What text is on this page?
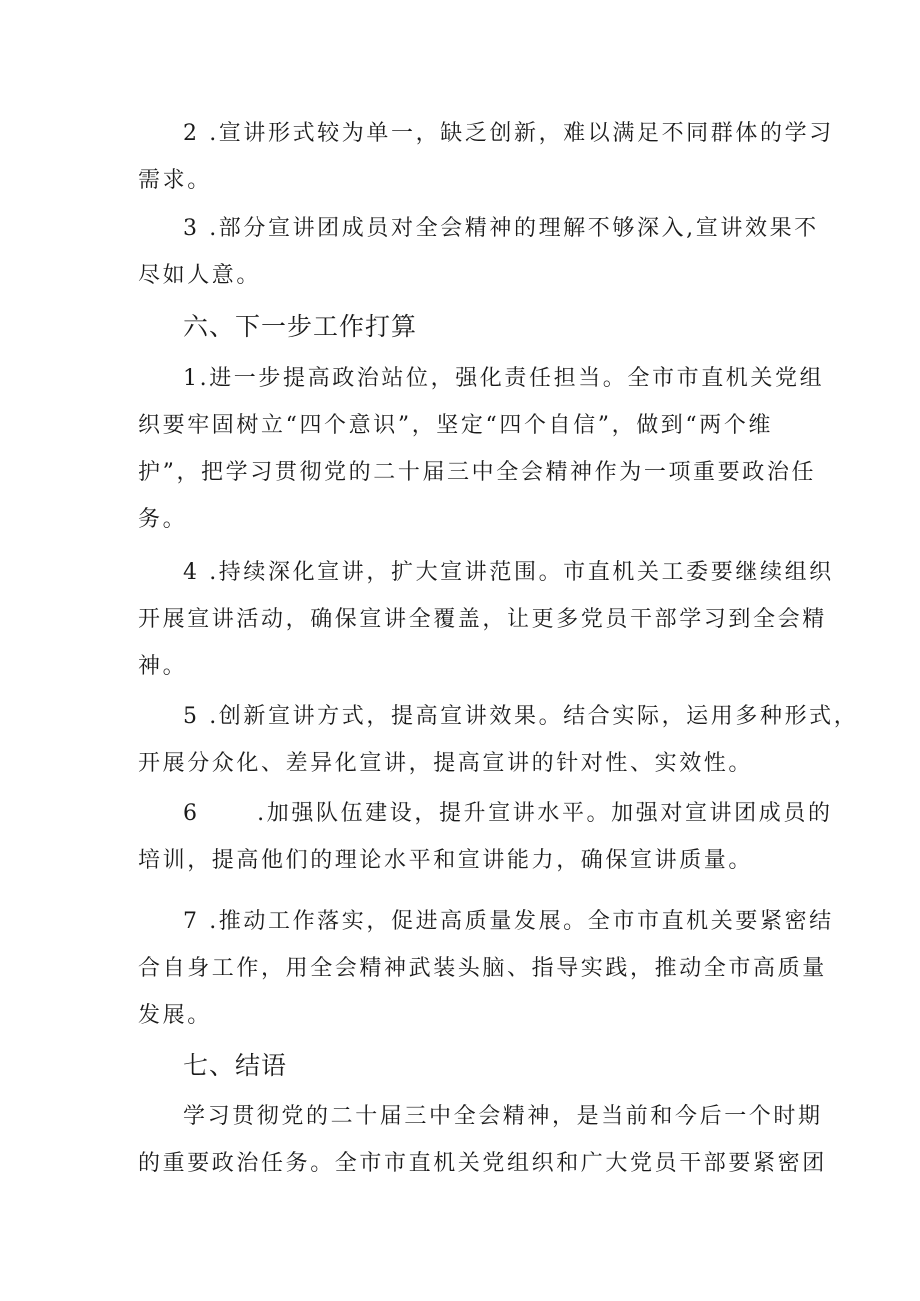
2 .宣讲形式较为单一，缺乏创新，难以满足不同群体的学习
需求。
3 .部分宣讲团成员对全会精神的理解不够深入,宣讲效果不
尽如人意。
六、下一步工作打算
1.进一步提高政治站位，强化责任担当。全市市直机关党组
织要牢固树立“四个意识”，坚定“四个自信”，做到“两个维
护”，把学习贯彻党的二十届三中全会精神作为一项重要政治任
务。
4 .持续深化宣讲，扩大宣讲范围。市直机关工委要继续组织
开展宣讲活动，确保宣讲全覆盖，让更多党员干部学习到全会精
神。
5 .创新宣讲方式，提高宣讲效果。结合实际，运用多种形式，
开展分众化、差异化宣讲，提高宣讲的针对性、实效性。
6      .加强队伍建设，提升宣讲水平。加强对宣讲团成员的
培训，提高他们的理论水平和宣讲能力，确保宣讲质量。
7 .推动工作落实，促进高质量发展。全市市直机关要紧密结
合自身工作，用全会精神武装头脑、指导实践，推动全市高质量
发展。
七、结语
学习贯彻党的二十届三中全会精神，是当前和今后一个时期
的重要政治任务。全市市直机关党组织和广大党员干部要紧密团
